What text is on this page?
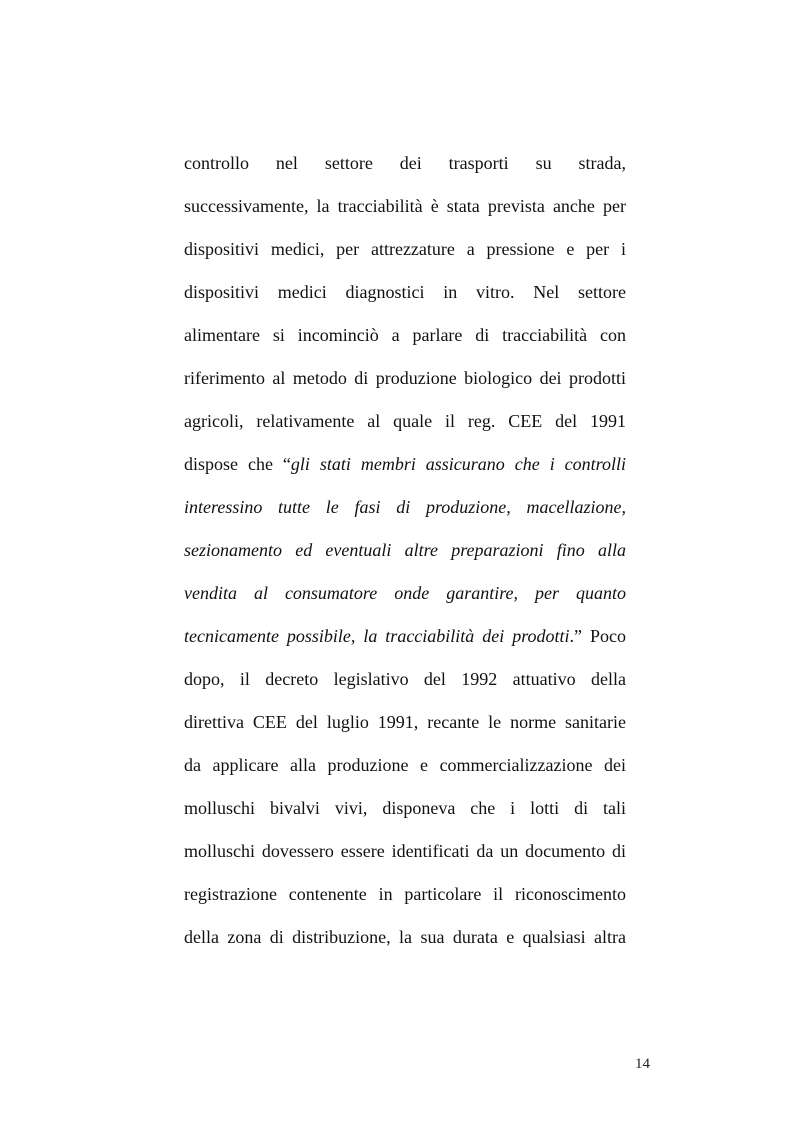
controllo nel settore dei trasporti su strada,
successivamente, la tracciabilità è stata prevista anche per
dispositivi medici, per attrezzature a pressione e per i
dispositivi medici diagnostici in vitro. Nel settore
alimentare si incominciò a parlare di tracciabilità con
riferimento al metodo di produzione biologico dei prodotti
agricoli, relativamente al quale il reg. CEE del 1991
dispose che “gli stati membri assicurano che i controlli
interessino tutte le fasi di produzione, macellazione,
sezionamento ed eventuali altre preparazioni fino alla
vendita al consumatore onde garantire, per quanto
tecnicamente possibile, la tracciabilità dei prodotti.” Poco
dopo, il decreto legislativo del 1992 attuativo della
direttiva CEE del luglio 1991, recante le norme sanitarie
da applicare alla produzione e commercializzazione dei
molluschi bivalvi vivi, disponeva che i lotti di tali
molluschi dovessero essere identificati da un documento di
registrazione contenente in particolare il riconoscimento
della zona di distribuzione, la sua durata e qualsiasi altra
14
